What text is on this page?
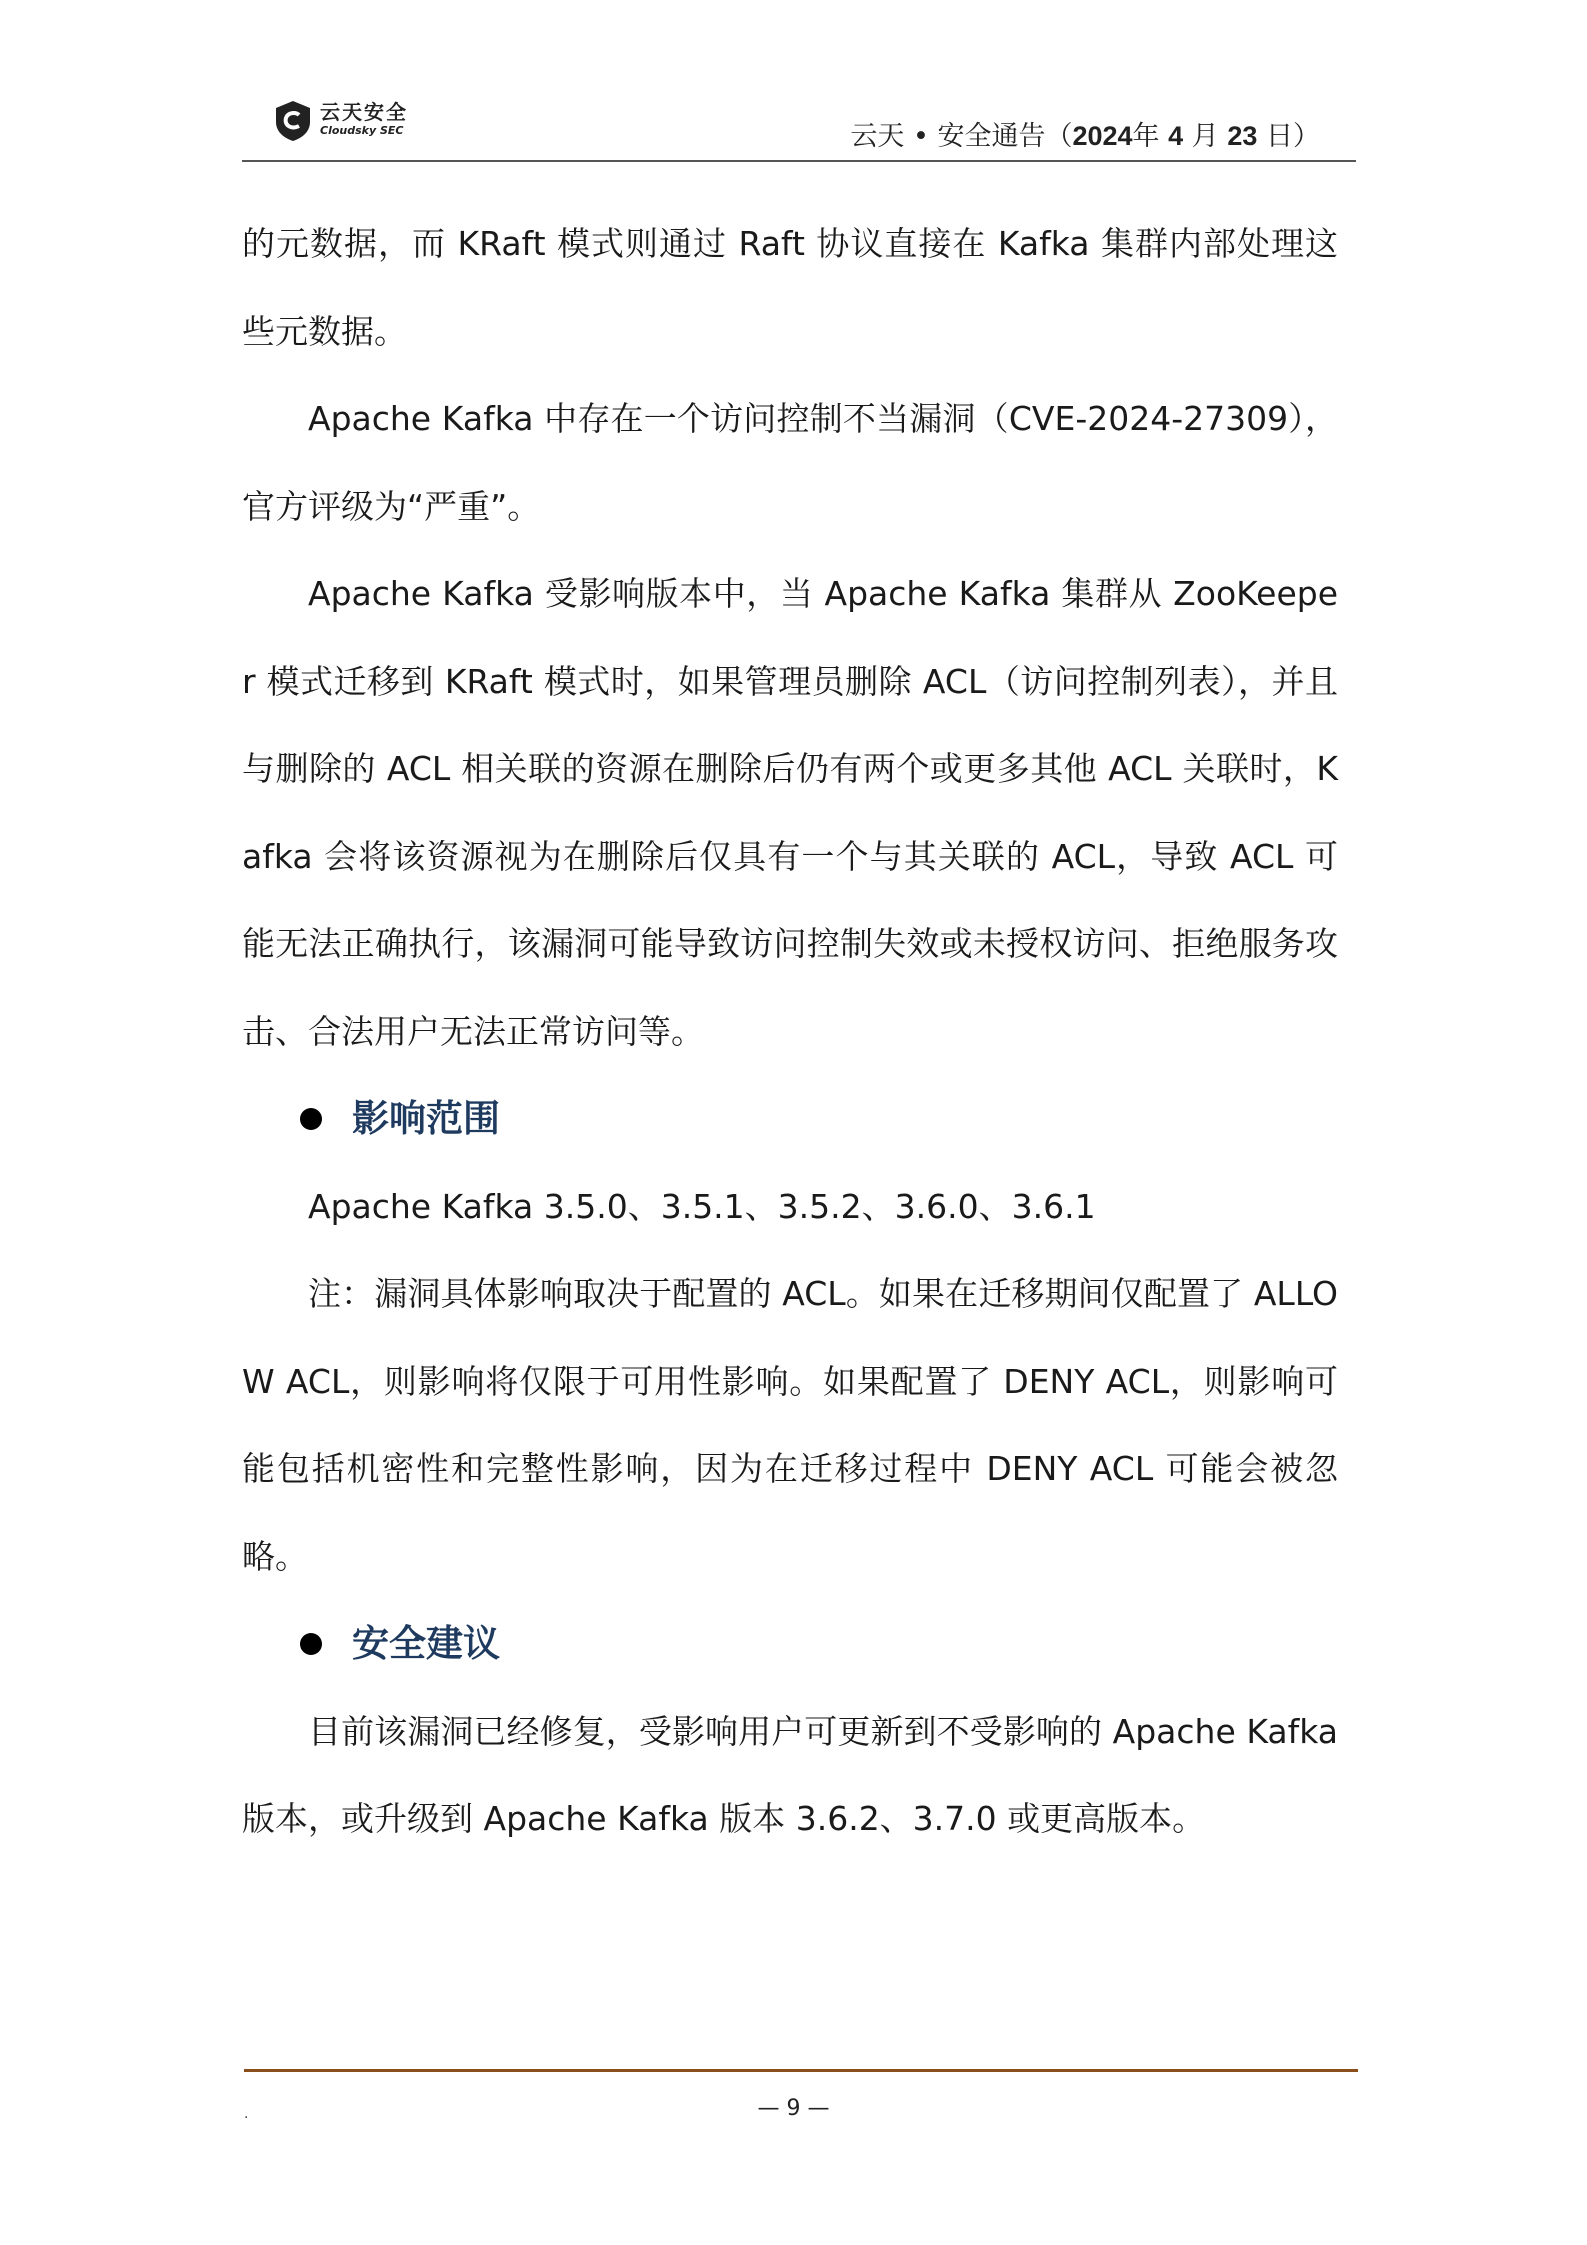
云天安全
Cloudsky SEC	云天 • 安全通告（2024年 4 月 23 日）

的元数据，而 KRaft 模式则通过 Raft 协议直接在 Kafka 集群内部处理这些元数据。

Apache Kafka 中存在一个访问控制不当漏洞（CVE-2024-27309），官方评级为“严重”。

Apache Kafka 受影响版本中，当 Apache Kafka 集群从 ZooKeeper 模式迁移到 KRaft 模式时，如果管理员删除 ACL（访问控制列表），并且与删除的 ACL 相关联的资源在删除后仍有两个或更多其他 ACL 关联时，Kafka 会将该资源视为在删除后仅具有一个与其关联的 ACL，导致 ACL 可能无法正确执行，该漏洞可能导致访问控制失效或未授权访问、拒绝服务攻击、合法用户无法正常访问等。

影响范围

Apache Kafka 3.5.0、3.5.1、3.5.2、3.6.0、3.6.1

注：漏洞具体影响取决于配置的 ACL。如果在迁移期间仅配置了 ALLOW ACL，则影响将仅限于可用性影响。如果配置了 DENY ACL，则影响可能包括机密性和完整性影响，因为在迁移过程中 DENY ACL 可能会被忽略。

安全建议

目前该漏洞已经修复，受影响用户可更新到不受影响的 Apache Kafka 版本，或升级到 Apache Kafka 版本 3.6.2、3.7.0 或更高版本。

.	— 9 —
